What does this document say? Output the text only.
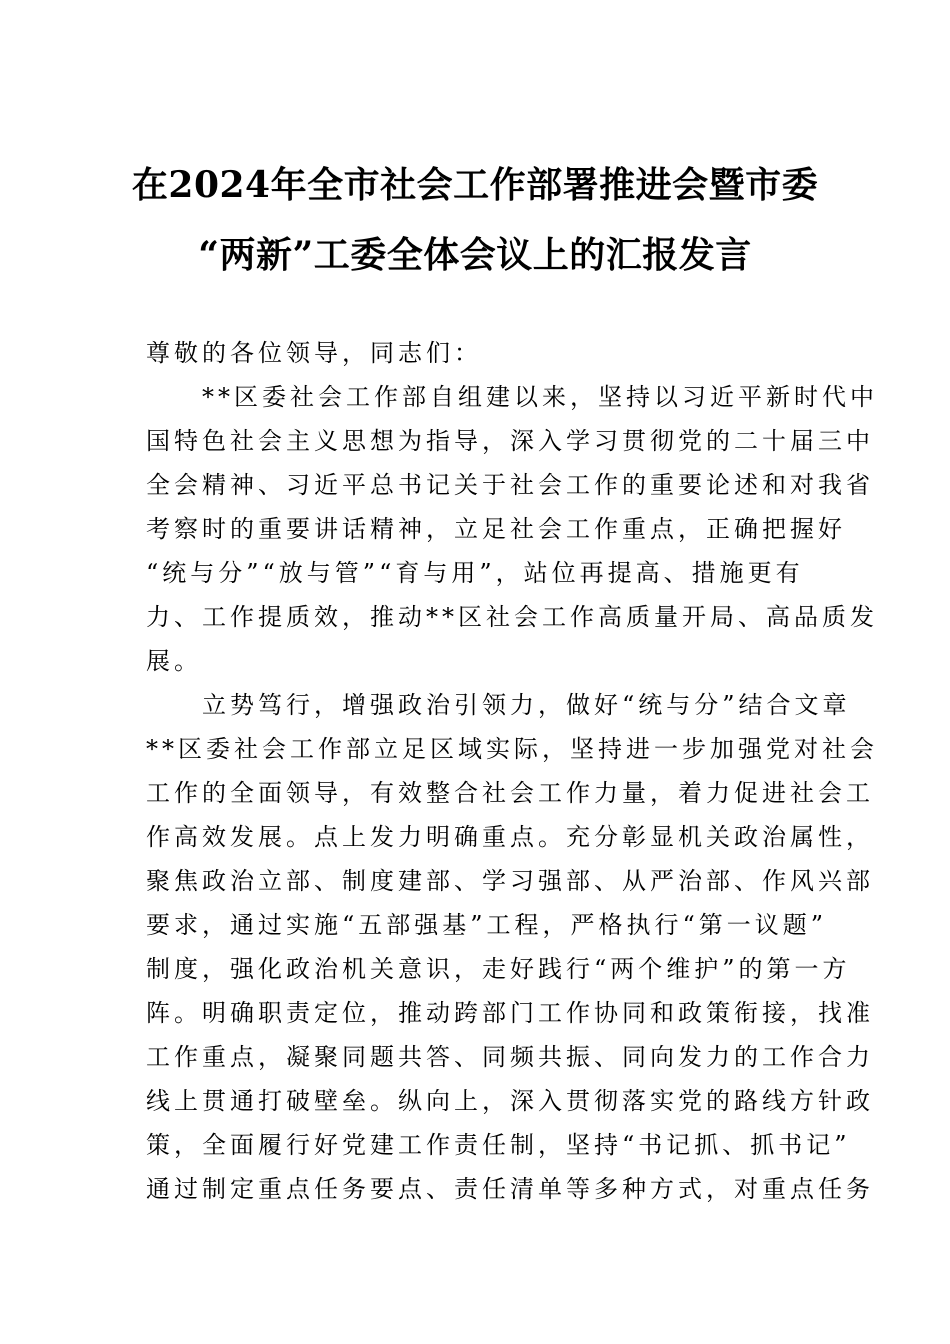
在2024年全市社会工作部署推进会暨市委
“两新”工委全体会议上的汇报发言
尊敬的各位领导，同志们：
　　**区委社会工作部自组建以来，坚持以习近平新时代中
国特色社会主义思想为指导，深入学习贯彻党的二十届三中
全会精神、习近平总书记关于社会工作的重要论述和对我省
考察时的重要讲话精神，立足社会工作重点，正确把握好
“统与分”“放与管”“育与用”，站位再提高、措施更有
力、工作提质效，推动**区社会工作高质量开局、高品质发
展。
　　立势笃行，增强政治引领力，做好“统与分”结合文章
**区委社会工作部立足区域实际，坚持进一步加强党对社会
工作的全面领导，有效整合社会工作力量，着力促进社会工
作高效发展。点上发力明确重点。充分彰显机关政治属性，
聚焦政治立部、制度建部、学习强部、从严治部、作风兴部
要求，通过实施“五部强基”工程，严格执行“第一议题”
制度，强化政治机关意识，走好践行“两个维护”的第一方
阵。明确职责定位，推动跨部门工作协同和政策衔接，找准
工作重点，凝聚同题共答、同频共振、同向发力的工作合力
线上贯通打破壁垒。纵向上，深入贯彻落实党的路线方针政
策，全面履行好党建工作责任制，坚持“书记抓、抓书记”
通过制定重点任务要点、责任清单等多种方式，对重点任务
